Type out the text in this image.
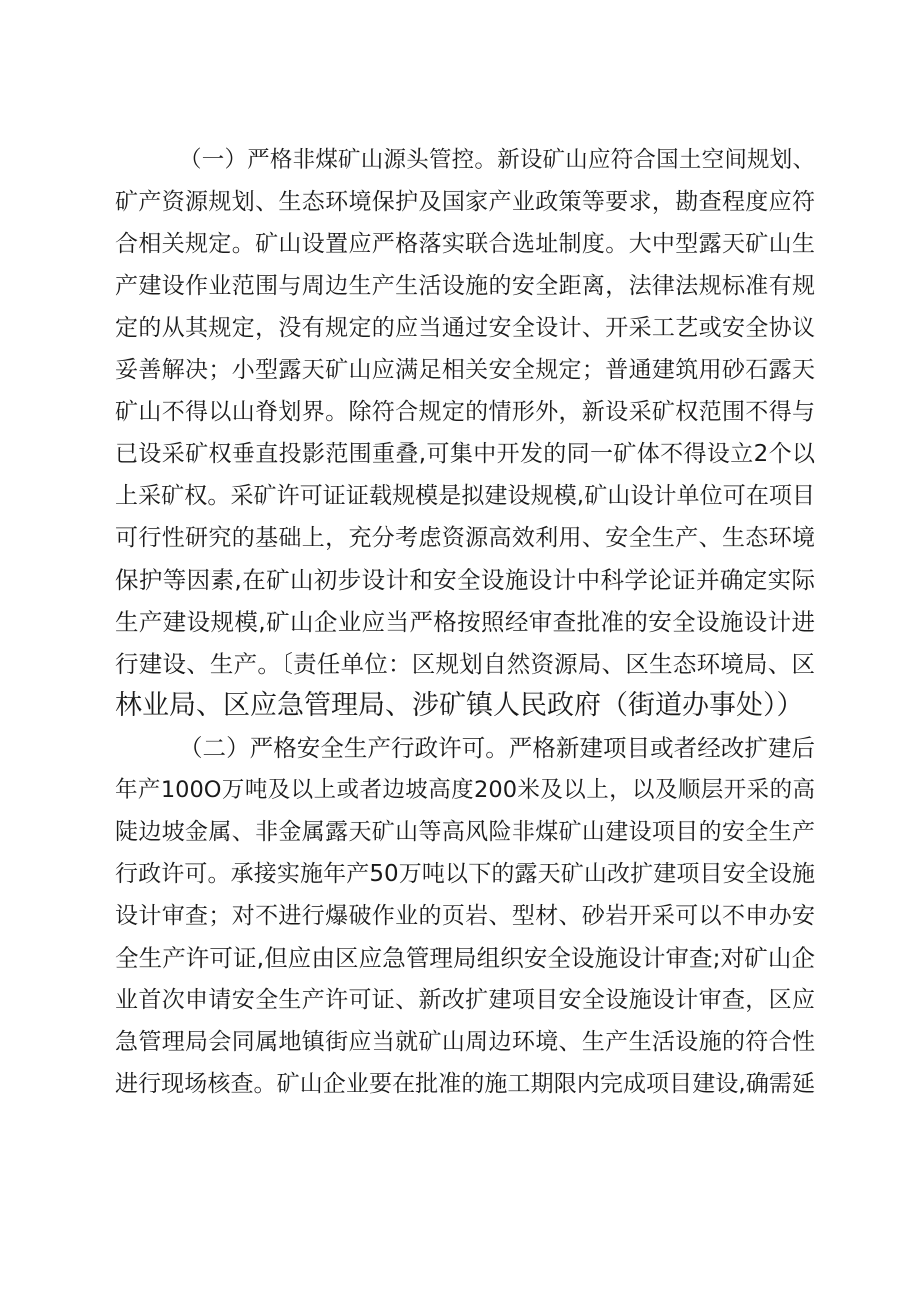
（一）严格非煤矿山源头管控。新设矿山应符合国土空间规划、
矿产资源规划、生态环境保护及国家产业政策等要求，勘查程度应符
合相关规定。矿山设置应严格落实联合选址制度。大中型露天矿山生
产建设作业范围与周边生产生活设施的安全距离，法律法规标准有规
定的从其规定，没有规定的应当通过安全设计、开采工艺或安全协议
妥善解决；小型露天矿山应满足相关安全规定；普通建筑用砂石露天
矿山不得以山脊划界。除符合规定的情形外，新设采矿权范围不得与
已设采矿权垂直投影范围重叠,可集中开发的同一矿体不得设立2个以
上采矿权。采矿许可证证载规模是拟建设规模,矿山设计单位可在项目
可行性研究的基础上，充分考虑资源高效利用、安全生产、生态环境
保护等因素,在矿山初步设计和安全设施设计中科学论证并确定实际
生产建设规模,矿山企业应当严格按照经审查批准的安全设施设计进
行建设、生产。〔责任单位：区规划自然资源局、区生态环境局、区
林业局、区应急管理局、涉矿镇人民政府（街道办事处））
（二）严格安全生产行政许可。严格新建项目或者经改扩建后
年产100O万吨及以上或者边坡高度200米及以上，以及顺层开采的高
陡边坡金属、非金属露天矿山等高风险非煤矿山建设项目的安全生产
行政许可。承接实施年产50万吨以下的露天矿山改扩建项目安全设施
设计审查；对不进行爆破作业的页岩、型材、砂岩开采可以不申办安
全生产许可证,但应由区应急管理局组织安全设施设计审查;对矿山企
业首次申请安全生产许可证、新改扩建项目安全设施设计审查，区应
急管理局会同属地镇街应当就矿山周边环境、生产生活设施的符合性
进行现场核查。矿山企业要在批准的施工期限内完成项目建设,确需延
